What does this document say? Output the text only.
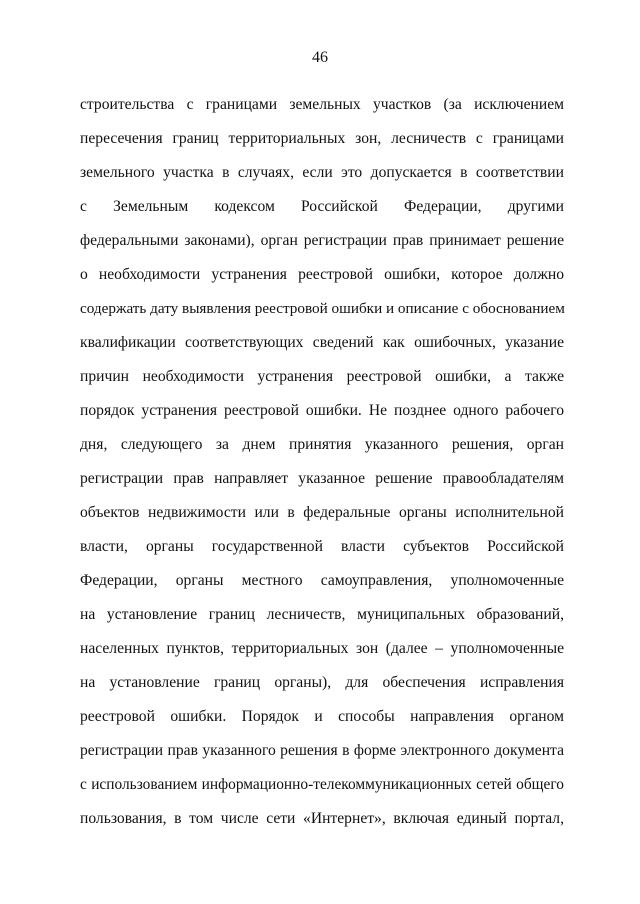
46
строительства с границами земельных участков (за исключением
пересечения границ территориальных зон, лесничеств с границами
земельного участка в случаях, если это допускается в соответствии
с Земельным кодексом Российской Федерации, другими
федеральными законами), орган регистрации прав принимает решение
о необходимости устранения реестровой ошибки, которое должно
содержать дату выявления реестровой ошибки и описание с обоснованием
квалификации соответствующих сведений как ошибочных, указание
причин необходимости устранения реестровой ошибки, а также
порядок устранения реестровой ошибки. Не позднее одного рабочего
дня, следующего за днем принятия указанного решения, орган
регистрации прав направляет указанное решение правообладателям
объектов недвижимости или в федеральные органы исполнительной
власти, органы государственной власти субъектов Российской
Федерации, органы местного самоуправления, уполномоченные
на установление границ лесничеств, муниципальных образований,
населенных пунктов, территориальных зон (далее – уполномоченные
на установление границ органы), для обеспечения исправления
реестровой ошибки. Порядок и способы направления органом
регистрации прав указанного решения в форме электронного документа
с использованием информационно-телекоммуникационных сетей общего
пользования, в том числе сети «Интернет», включая единый портал,
